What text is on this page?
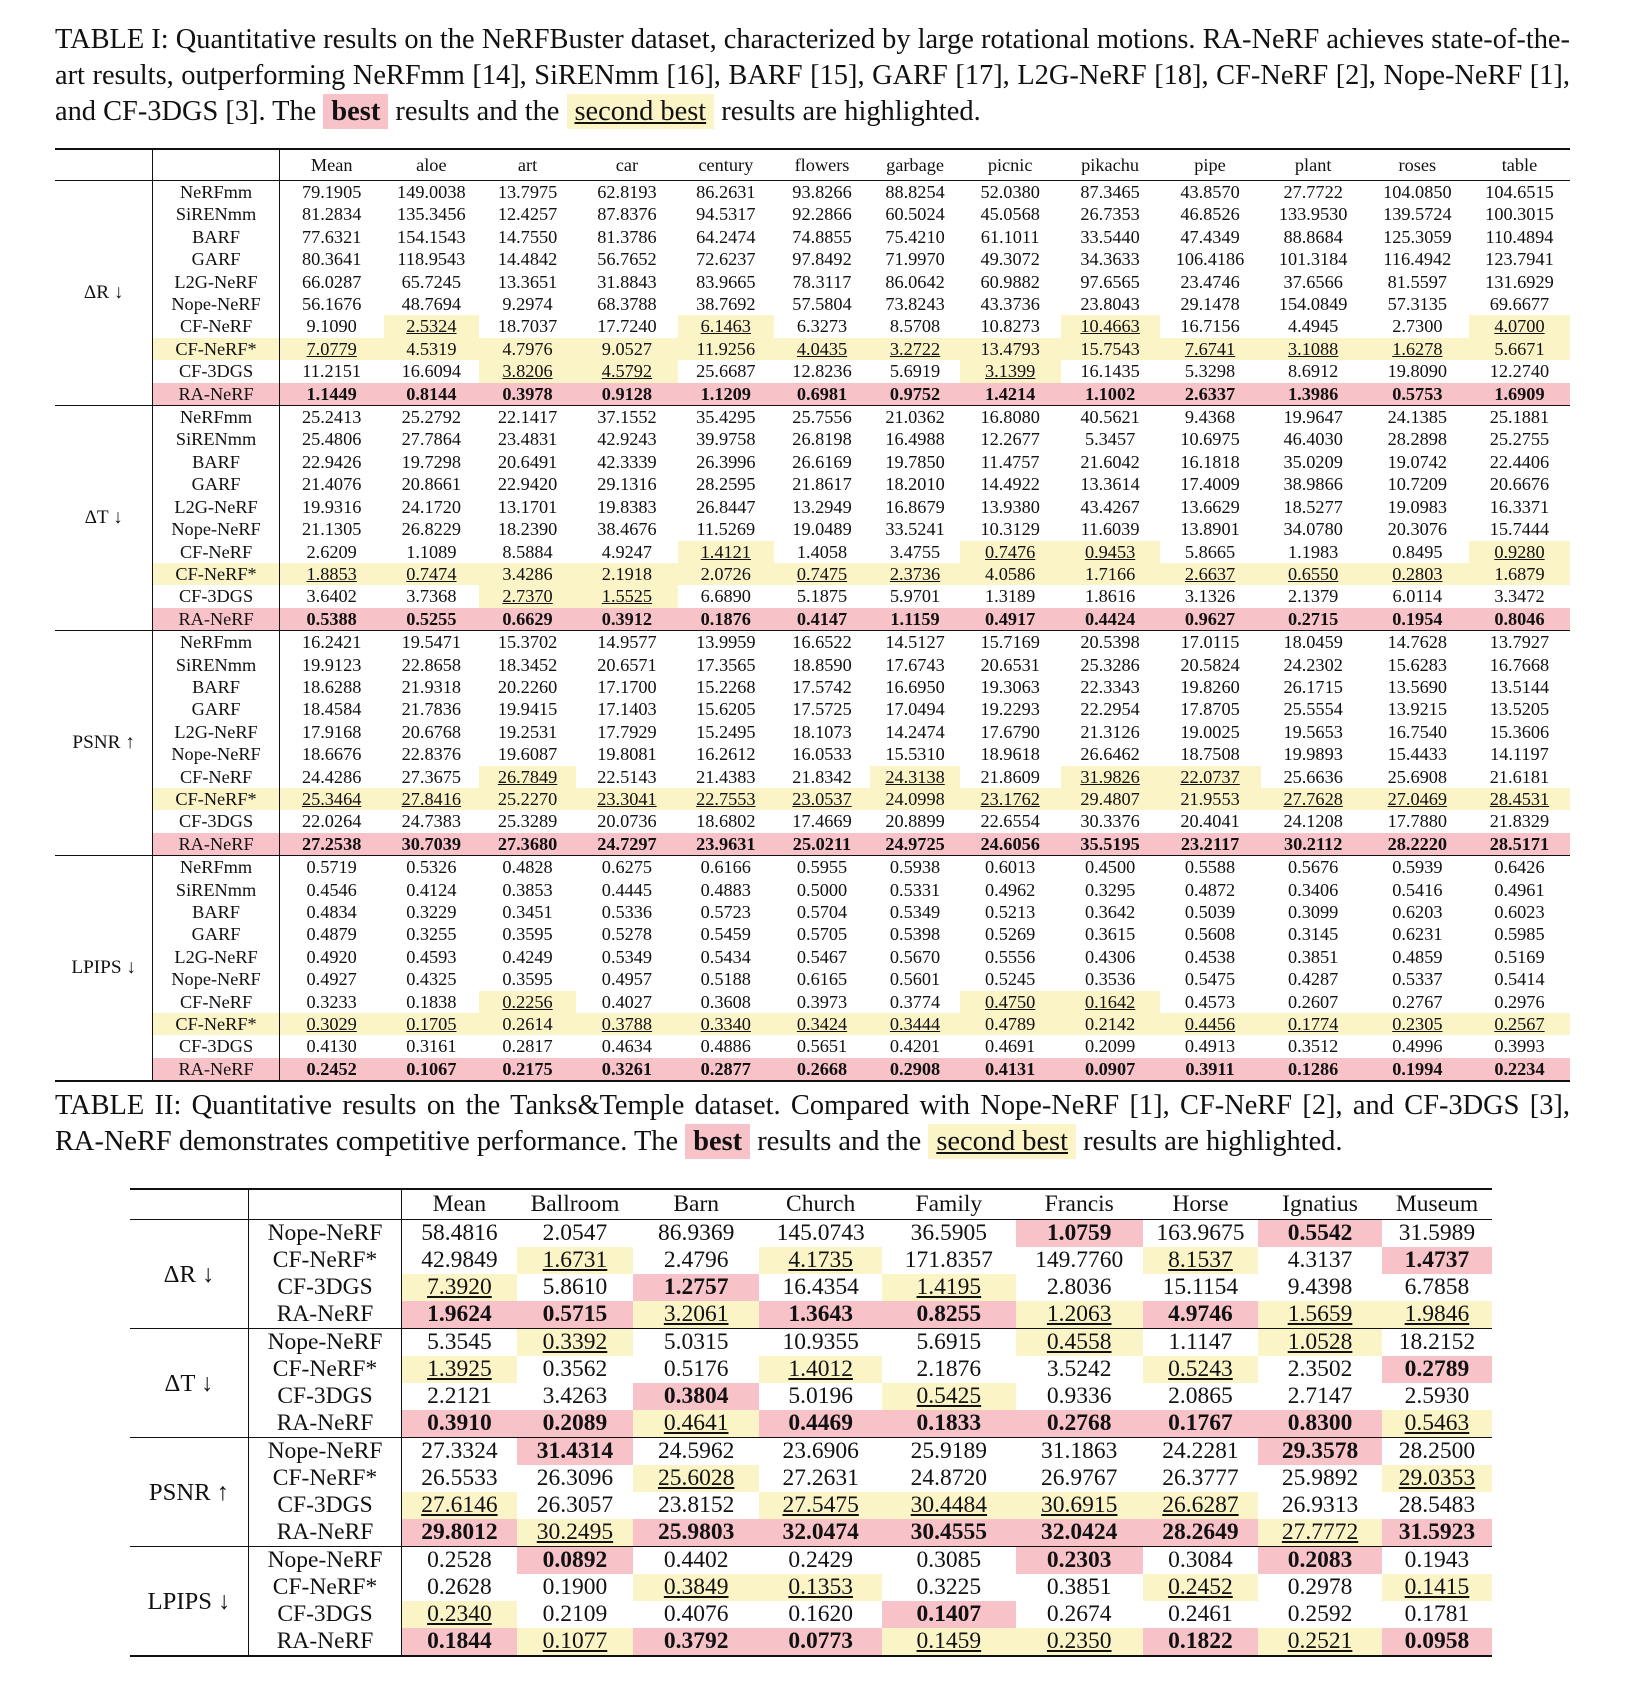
TABLE I: Quantitative results on the NeRFBuster dataset, characterized by large rotational motions. RA-NeRF achieves state-of-the-art results, outperforming NeRFmm [14], SiRENmm [16], BARF [15], GARF [17], L2G-NeRF [18], CF-NeRF [2], Nope-NeRF [1], and CF-3DGS [3]. The best results and the second best results are highlighted.
		Mean	aloe	art	car	century	flowers	garbage	picnic	pikachu	pipe	plant	roses	table
ΔR ↓	NeRFmm	79.1905	149.0038	13.7975	62.8193	86.2631	93.8266	88.8254	52.0380	87.3465	43.8570	27.7722	104.0850	104.6515
	SiRENmm	81.2834	135.3456	12.4257	87.8376	94.5317	92.2866	60.5024	45.0568	26.7353	46.8526	133.9530	139.5724	100.3015
	BARF	77.6321	154.1543	14.7550	81.3786	64.2474	74.8855	75.4210	61.1011	33.5440	47.4349	88.8684	125.3059	110.4894
	GARF	80.3641	118.9543	14.4842	56.7652	72.6237	97.8492	71.9970	49.3072	34.3633	106.4186	101.3184	116.4942	123.7941
	L2G-NeRF	66.0287	65.7245	13.3651	31.8843	83.9665	78.3117	86.0642	60.9882	97.6565	23.4746	37.6566	81.5597	131.6929
	Nope-NeRF	56.1676	48.7694	9.2974	68.3788	38.7692	57.5804	73.8243	43.3736	23.8043	29.1478	154.0849	57.3135	69.6677
	CF-NeRF	9.1090	2.5324	18.7037	17.7240	6.1463	6.3273	8.5708	10.8273	10.4663	16.7156	4.4945	2.7300	4.0700
	CF-NeRF*	7.0779	4.5319	4.7976	9.0527	11.9256	4.0435	3.2722	13.4793	15.7543	7.6741	3.1088	1.6278	5.6671
	CF-3DGS	11.2151	16.6094	3.8206	4.5792	25.6687	12.8236	5.6919	3.1399	16.1435	5.3298	8.6912	19.8090	12.2740
	RA-NeRF	1.1449	0.8144	0.3978	0.9128	1.1209	0.6981	0.9752	1.4214	1.1002	2.6337	1.3986	0.5753	1.6909
ΔT ↓	NeRFmm	25.2413	25.2792	22.1417	37.1552	35.4295	25.7556	21.0362	16.8080	40.5621	9.4368	19.9647	24.1385	25.1881
	SiRENmm	25.4806	27.7864	23.4831	42.9243	39.9758	26.8198	16.4988	12.2677	5.3457	10.6975	46.4030	28.2898	25.2755
	BARF	22.9426	19.7298	20.6491	42.3339	26.3996	26.6169	19.7850	11.4757	21.6042	16.1818	35.0209	19.0742	22.4406
	GARF	21.4076	20.8661	22.9420	29.1316	28.2595	21.8617	18.2010	14.4922	13.3614	17.4009	38.9866	10.7209	20.6676
	L2G-NeRF	19.9316	24.1720	13.1701	19.8383	26.8447	13.2949	16.8679	13.9380	43.4267	13.6629	18.5277	19.0983	16.3371
	Nope-NeRF	21.1305	26.8229	18.2390	38.4676	11.5269	19.0489	33.5241	10.3129	11.6039	13.8901	34.0780	20.3076	15.7444
	CF-NeRF	2.6209	1.1089	8.5884	4.9247	1.4121	1.4058	3.4755	0.7476	0.9453	5.8665	1.1983	0.8495	0.9280
	CF-NeRF*	1.8853	0.7474	3.4286	2.1918	2.0726	0.7475	2.3736	4.0586	1.7166	2.6637	0.6550	0.2803	1.6879
	CF-3DGS	3.6402	3.7368	2.7370	1.5525	6.6890	5.1875	5.9701	1.3189	1.8616	3.1326	2.1379	6.0114	3.3472
	RA-NeRF	0.5388	0.5255	0.6629	0.3912	0.1876	0.4147	1.1159	0.4917	0.4424	0.9627	0.2715	0.1954	0.8046
PSNR ↑	NeRFmm	16.2421	19.5471	15.3702	14.9577	13.9959	16.6522	14.5127	15.7169	20.5398	17.0115	18.0459	14.7628	13.7927
	SiRENmm	19.9123	22.8658	18.3452	20.6571	17.3565	18.8590	17.6743	20.6531	25.3286	20.5824	24.2302	15.6283	16.7668
	BARF	18.6288	21.9318	20.2260	17.1700	15.2268	17.5742	16.6950	19.3063	22.3343	19.8260	26.1715	13.5690	13.5144
	GARF	18.4584	21.7836	19.9415	17.1403	15.6205	17.5725	17.0494	19.2293	22.2954	17.8705	25.5554	13.9215	13.5205
	L2G-NeRF	17.9168	20.6768	19.2531	17.7929	15.2495	18.1073	14.2474	17.6790	21.3126	19.0025	19.5653	16.7540	15.3606
	Nope-NeRF	18.6676	22.8376	19.6087	19.8081	16.2612	16.0533	15.5310	18.9618	26.6462	18.7508	19.9893	15.4433	14.1197
	CF-NeRF	24.4286	27.3675	26.7849	22.5143	21.4383	21.8342	24.3138	21.8609	31.9826	22.0737	25.6636	25.6908	21.6181
	CF-NeRF*	25.3464	27.8416	25.2270	23.3041	22.7553	23.0537	24.0998	23.1762	29.4807	21.9553	27.7628	27.0469	28.4531
	CF-3DGS	22.0264	24.7383	25.3289	20.0736	18.6802	17.4669	20.8899	22.6554	30.3376	20.4041	24.1208	17.7880	21.8329
	RA-NeRF	27.2538	30.7039	27.3680	24.7297	23.9631	25.0211	24.9725	24.6056	35.5195	23.2117	30.2112	28.2220	28.5171
LPIPS ↓	NeRFmm	0.5719	0.5326	0.4828	0.6275	0.6166	0.5955	0.5938	0.6013	0.4500	0.5588	0.5676	0.5939	0.6426
	SiRENmm	0.4546	0.4124	0.3853	0.4445	0.4883	0.5000	0.5331	0.4962	0.3295	0.4872	0.3406	0.5416	0.4961
	BARF	0.4834	0.3229	0.3451	0.5336	0.5723	0.5704	0.5349	0.5213	0.3642	0.5039	0.3099	0.6203	0.6023
	GARF	0.4879	0.3255	0.3595	0.5278	0.5459	0.5705	0.5398	0.5269	0.3615	0.5608	0.3145	0.6231	0.5985
	L2G-NeRF	0.4920	0.4593	0.4249	0.5349	0.5434	0.5467	0.5670	0.5556	0.4306	0.4538	0.3851	0.4859	0.5169
	Nope-NeRF	0.4927	0.4325	0.3595	0.4957	0.5188	0.6165	0.5601	0.5245	0.3536	0.5475	0.4287	0.5337	0.5414
	CF-NeRF	0.3233	0.1838	0.2256	0.4027	0.3608	0.3973	0.3774	0.4750	0.1642	0.4573	0.2607	0.2767	0.2976
	CF-NeRF*	0.3029	0.1705	0.2614	0.3788	0.3340	0.3424	0.3444	0.4789	0.2142	0.4456	0.1774	0.2305	0.2567
	CF-3DGS	0.4130	0.3161	0.2817	0.4634	0.4886	0.5651	0.4201	0.4691	0.2099	0.4913	0.3512	0.4996	0.3993
	RA-NeRF	0.2452	0.1067	0.2175	0.3261	0.2877	0.2668	0.2908	0.4131	0.0907	0.3911	0.1286	0.1994	0.2234
TABLE II: Quantitative results on the Tanks&Temple dataset. Compared with Nope-NeRF [1], CF-NeRF [2], and CF-3DGS [3], RA-NeRF demonstrates competitive performance. The best results and the second best results are highlighted.
		Mean	Ballroom	Barn	Church	Family	Francis	Horse	Ignatius	Museum
ΔR ↓	Nope-NeRF	58.4816	2.0547	86.9369	145.0743	36.5905	1.0759	163.9675	0.5542	31.5989
	CF-NeRF*	42.9849	1.6731	2.4796	4.1735	171.8357	149.7760	8.1537	4.3137	1.4737
	CF-3DGS	7.3920	5.8610	1.2757	16.4354	1.4195	2.8036	15.1154	9.4398	6.7858
	RA-NeRF	1.9624	0.5715	3.2061	1.3643	0.8255	1.2063	4.9746	1.5659	1.9846
ΔT ↓	Nope-NeRF	5.3545	0.3392	5.0315	10.9355	5.6915	0.4558	1.1147	1.0528	18.2152
	CF-NeRF*	1.3925	0.3562	0.5176	1.4012	2.1876	3.5242	0.5243	2.3502	0.2789
	CF-3DGS	2.2121	3.4263	0.3804	5.0196	0.5425	0.9336	2.0865	2.7147	2.5930
	RA-NeRF	0.3910	0.2089	0.4641	0.4469	0.1833	0.2768	0.1767	0.8300	0.5463
PSNR ↑	Nope-NeRF	27.3324	31.4314	24.5962	23.6906	25.9189	31.1863	24.2281	29.3578	28.2500
	CF-NeRF*	26.5533	26.3096	25.6028	27.2631	24.8720	26.9767	26.3777	25.9892	29.0353
	CF-3DGS	27.6146	26.3057	23.8152	27.5475	30.4484	30.6915	26.6287	26.9313	28.5483
	RA-NeRF	29.8012	30.2495	25.9803	32.0474	30.4555	32.0424	28.2649	27.7772	31.5923
LPIPS ↓	Nope-NeRF	0.2528	0.0892	0.4402	0.2429	0.3085	0.2303	0.3084	0.2083	0.1943
	CF-NeRF*	0.2628	0.1900	0.3849	0.1353	0.3225	0.3851	0.2452	0.2978	0.1415
	CF-3DGS	0.2340	0.2109	0.4076	0.1620	0.1407	0.2674	0.2461	0.2592	0.1781
	RA-NeRF	0.1844	0.1077	0.3792	0.0773	0.1459	0.2350	0.1822	0.2521	0.0958
